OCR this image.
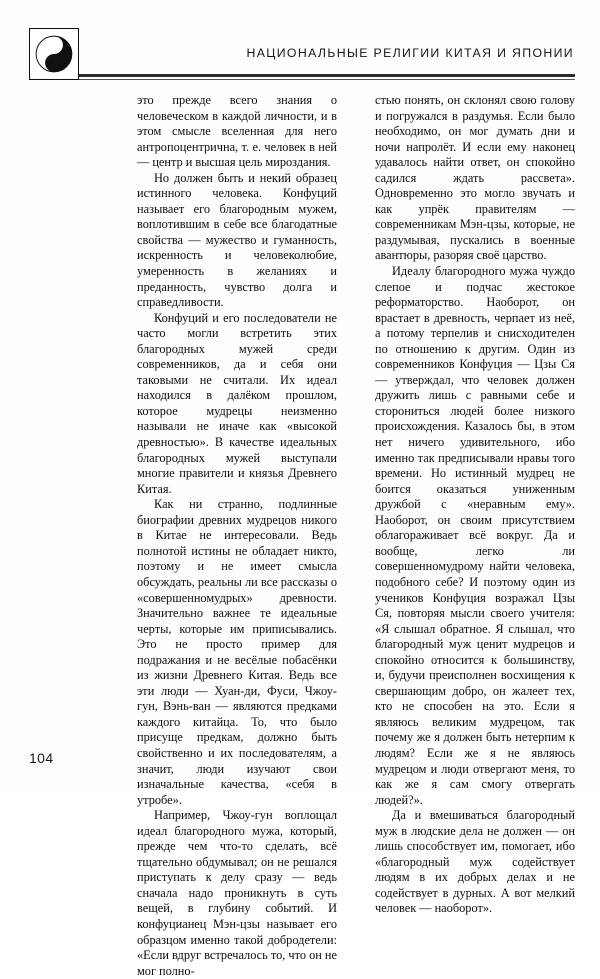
НАЦИОНАЛЬНЫЕ РЕЛИГИИ КИТАЯ И ЯПОНИИ

это прежде всего знания о человеческом в каждой личности, и в этом смысле вселенная для него антропоцентрична, т. е. человек в ней — центр и высшая цель мироздания.

Но должен быть и некий образец истинного человека. Конфуций называет его благородным мужем, воплотившим в себе все благодатные свойства — мужество и гуманность, искренность и человеколюбие, умеренность в желаниях и преданность, чувство долга и справедливости.

Конфуций и его последователи не часто могли встретить этих благородных мужей среди современников, да и себя они таковыми не считали. Их идеал находился в далёком прошлом, которое мудрецы неизменно называли не иначе как «высокой древностью». В качестве идеальных благородных мужей выступали многие правители и князья Древнего Китая.

Как ни странно, подлинные биографии древних мудрецов никого в Китае не интересовали. Ведь полнотой истины не обладает никто, поэтому и не имеет смысла обсуждать, реальны ли все рассказы о «совершенномудрых» древности. Значительно важнее те идеальные черты, которые им приписывались. Это не просто пример для подражания и не весёлые побасёнки из жизни Древнего Китая. Ведь все эти люди — Хуан-ди, Фуси, Чжоу-гун, Вэнь-ван — являются предками каждого китайца. То, что было присуще предкам, должно быть свойственно и их последователям, а значит, люди изучают свои изначальные качества, «себя в утробе».

Например, Чжоу-гун воплощал идеал благородного мужа, который, прежде чем что-то сделать, всё тщательно обдумывал; он не решался приступать к делу сразу — ведь сначала надо проникнуть в суть вещей, в глубину событий. И конфуцианец Мэн-цзы называет его образцом именно такой добродетели: «Если вдруг встречалось то, что он не мог полно-

стью понять, он склонял свою голову и погружался в раздумья. Если было необходимо, он мог думать дни и ночи напролёт. И если ему наконец удавалось найти ответ, он спокойно садился ждать рассвета». Одновременно это могло звучать и как упрёк правителям — современникам Мэн-цзы, которые, не раздумывая, пускались в военные авантюры, разоряя своё царство.

Идеалу благородного мужа чуждо слепое и подчас жестокое реформаторство. Наоборот, он врастает в древность, черпает из неё, а потому терпелив и снисходителен по отношению к другим. Один из современников Конфуция — Цзы Ся — утверждал, что человек должен дружить лишь с равными себе и сторониться людей более низкого происхождения. Казалось бы, в этом нет ничего удивительного, ибо именно так предписывали нравы того времени. Но истинный мудрец не боится оказаться униженным дружбой с «неравным ему». Наоборот, он своим присутствием облагораживает всё вокруг. Да и вообще, легко ли совершенномудрому найти человека, подобного себе? И поэтому один из учеников Конфуция возражал Цзы Ся, повторяя мысли своего учителя: «Я слышал обратное. Я слышал, что благородный муж ценит мудрецов и спокойно относится к большинству, и, будучи преисполнен восхищения к свершающим добро, он жалеет тех, кто не способен на это. Если я являюсь великим мудрецом, так почему же я должен быть нетерпим к людям? Если же я не являюсь мудрецом и люди отвергают меня, то как же я сам смогу отвергать людей?».

Да и вмешиваться благородный муж в людские дела не должен — он лишь способствует им, помогает, ибо «благородный муж содействует людям в их добрых делах и не содействует в дурных. А вот мелкий человек — наоборот».

104
